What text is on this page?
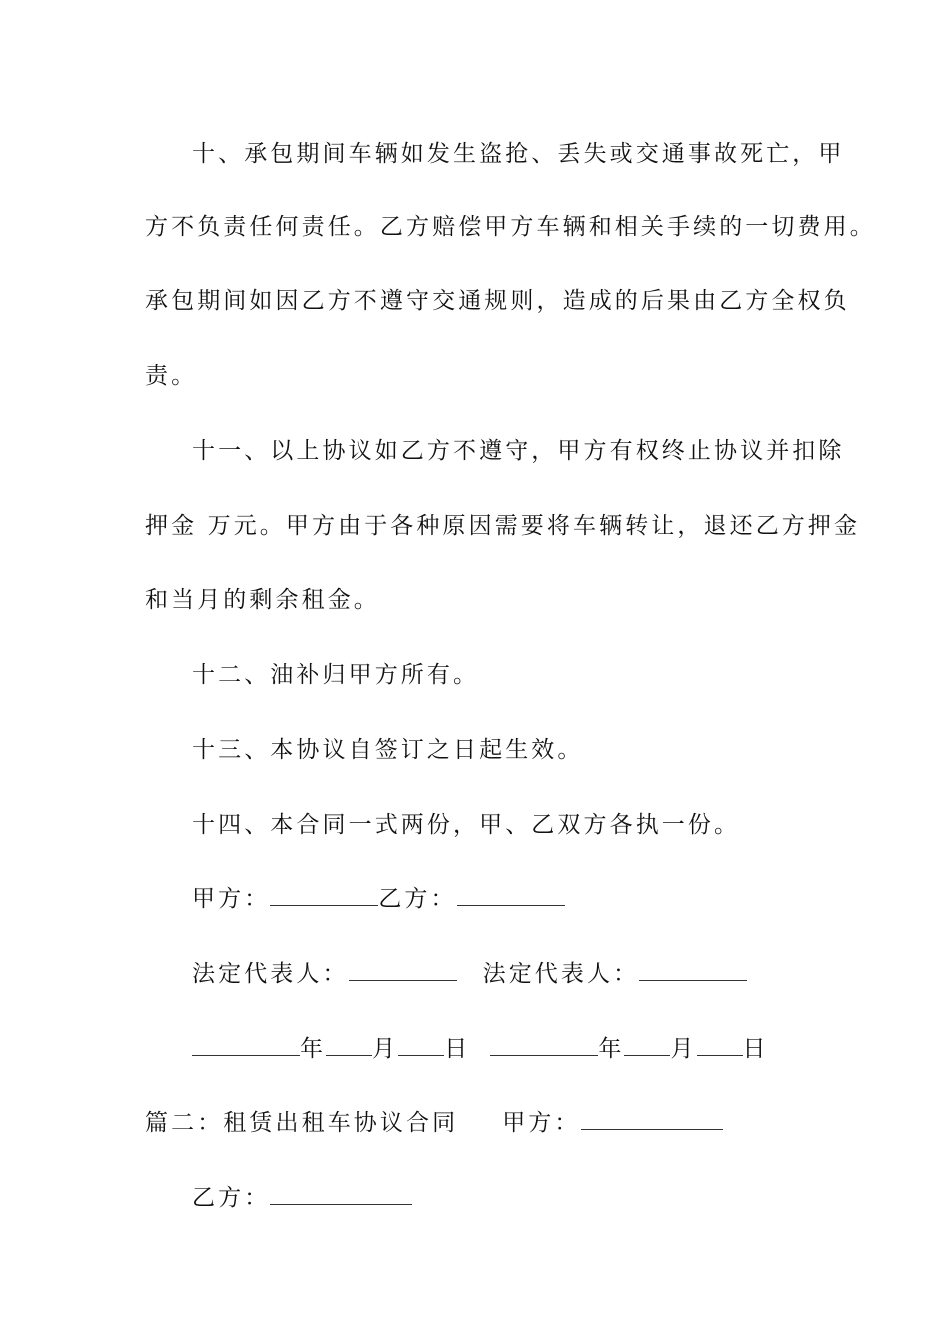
十、承包期间车辆如发生盗抢、丢失或交通事故死亡，甲
方不负责任何责任。乙方赔偿甲方车辆和相关手续的一切费用。
承包期间如因乙方不遵守交通规则，造成的后果由乙方全权负
责。
十一、以上协议如乙方不遵守，甲方有权终止协议并扣除
押金 万元。甲方由于各种原因需要将车辆转让，退还乙方押金
和当月的剩余租金。
十二、油补归甲方所有。
十三、本协议自签订之日起生效。
十四、本合同一式两份，甲、乙双方各执一份。
甲方：	乙方：
法定代表人：	法定代表人：
年 月 日	年 月 日
篇二：租赁出租车协议合同 甲方：
乙方：
